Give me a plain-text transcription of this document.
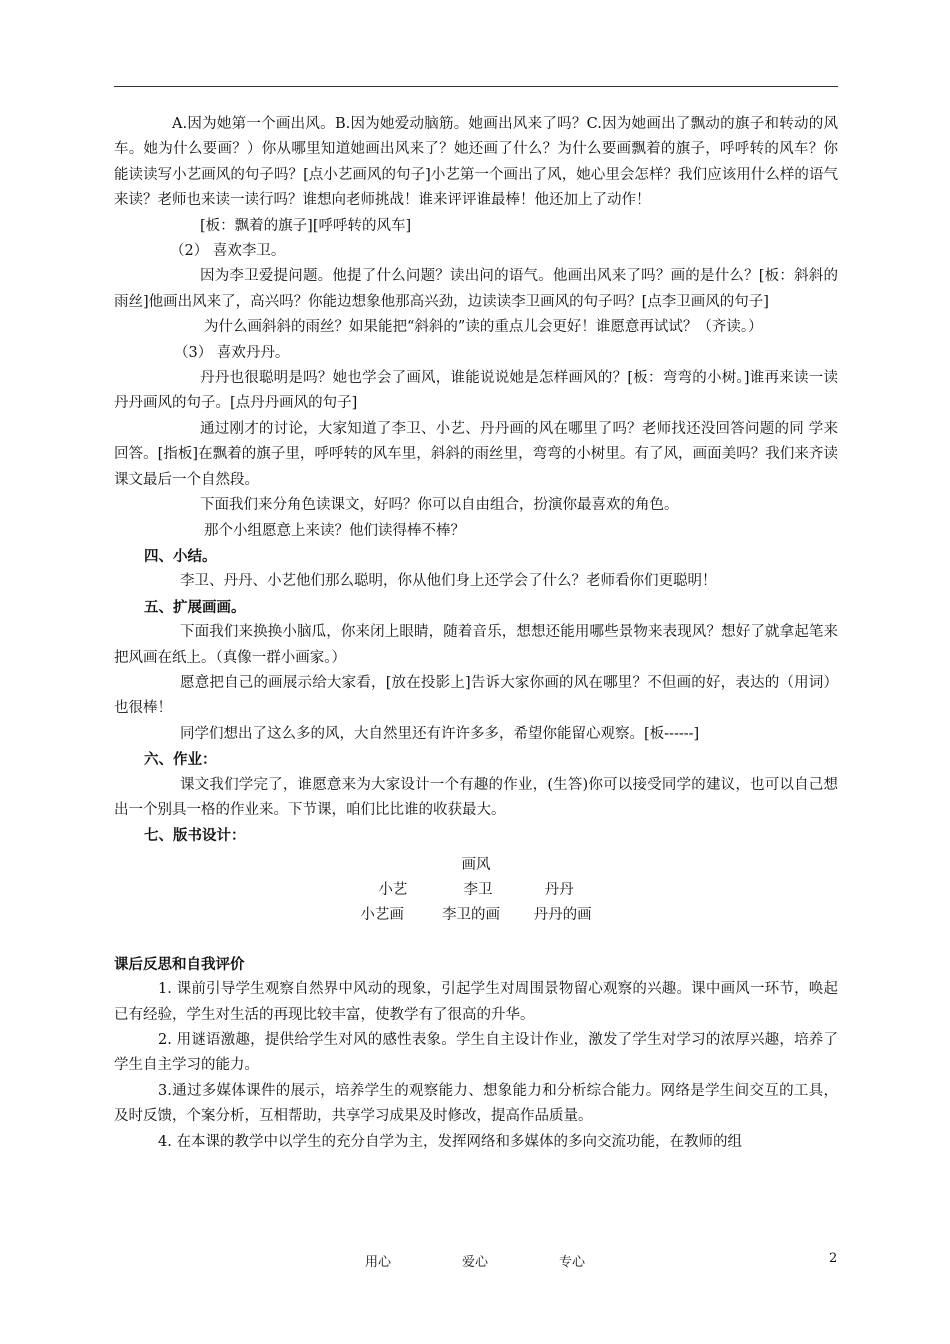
A.因为她第一个画出风。B.因为她爱动脑筋。她画出风来了吗？C.因为她画出了飘动的旗子和转动的风车。她为什么要画？）你从哪里知道她画出风来了？她还画了什么？为什么要画飘着的旗子，呼呼转的风车？你能读读写小艺画风的句子吗？[点小艺画风的句子]小艺第一个画出了风，她心里会怎样？我们应该用什么样的语气来读？老师也来读一读行吗？谁想向老师挑战！谁来评评谁最棒！他还加上了动作！

[板：飘着的旗子][呼呼转的风车]

（2） 喜欢李卫。

因为李卫爱提问题。他提了什么问题？读出问的语气。他画出风来了吗？画的是什么？[板：斜斜的雨丝]他画出风来了，高兴吗？你能边想象他那高兴劲，边读读李卫画风的句子吗？[点李卫画风的句子]

为什么画斜斜的雨丝？如果能把“斜斜的”读的重点儿会更好！谁愿意再试试？（齐读。）

（3） 喜欢丹丹。

丹丹也很聪明是吗？她也学会了画风，谁能说说她是怎样画风的？[板：弯弯的小树。]谁再来读一读丹丹画风的句子。[点丹丹画风的句子]

通过刚才的讨论，大家知道了李卫、小艺、丹丹画的风在哪里了吗？老师找还没回答问题的同 学来回答。[指板]在飘着的旗子里，呼呼转的风车里，斜斜的雨丝里，弯弯的小树里。有了风，画面美吗？我们来齐读课文最后一个自然段。

下面我们来分角色读课文，好吗？你可以自由组合，扮演你最喜欢的角色。

那个小组愿意上来读？他们读得棒不棒？

四、小结。

李卫、丹丹、小艺他们那么聪明，你从他们身上还学会了什么？老师看你们更聪明！

五、扩展画画。

下面我们来换换小脑瓜，你来闭上眼睛，随着音乐，想想还能用哪些景物来表现风？想好了就拿起笔来把风画在纸上。（真像一群小画家。）

愿意把自己的画展示给大家看，[放在投影上]告诉大家你画的风在哪里？不但画的好，表达的（用词）也很棒！

同学们想出了这么多的风，大自然里还有许许多多，希望你能留心观察。[板------]

六、作业：

课文我们学完了，谁愿意来为大家设计一个有趣的作业，(生答)你可以接受同学的建议，也可以自己想出一个别具一格的作业来。下节课，咱们比比谁的收获最大。

七、版书设计：

画风
小艺	李卫	丹丹
小艺画	李卫的画 丹丹的画

课后反思和自我评价

1. 课前引导学生观察自然界中风动的现象，引起学生对周围景物留心观察的兴趣。课中画风一环节，唤起已有经验，学生对生活的再现比较丰富，使教学有了很高的升华。

2. 用谜语激趣，提供给学生对风的感性表象。学生自主设计作业，激发了学生对学习的浓厚兴趣，培养了学生自主学习的能力。

3.通过多媒体课件的展示，培养学生的观察能力、想象能力和分析综合能力。网络是学生间交互的工具，及时反馈，个案分析，互相帮助，共享学习成果及时修改，提高作品质量。

4. 在本课的教学中以学生的充分自学为主，发挥网络和多媒体的多向交流功能，在教师的组

用心	爱心	专心	2
